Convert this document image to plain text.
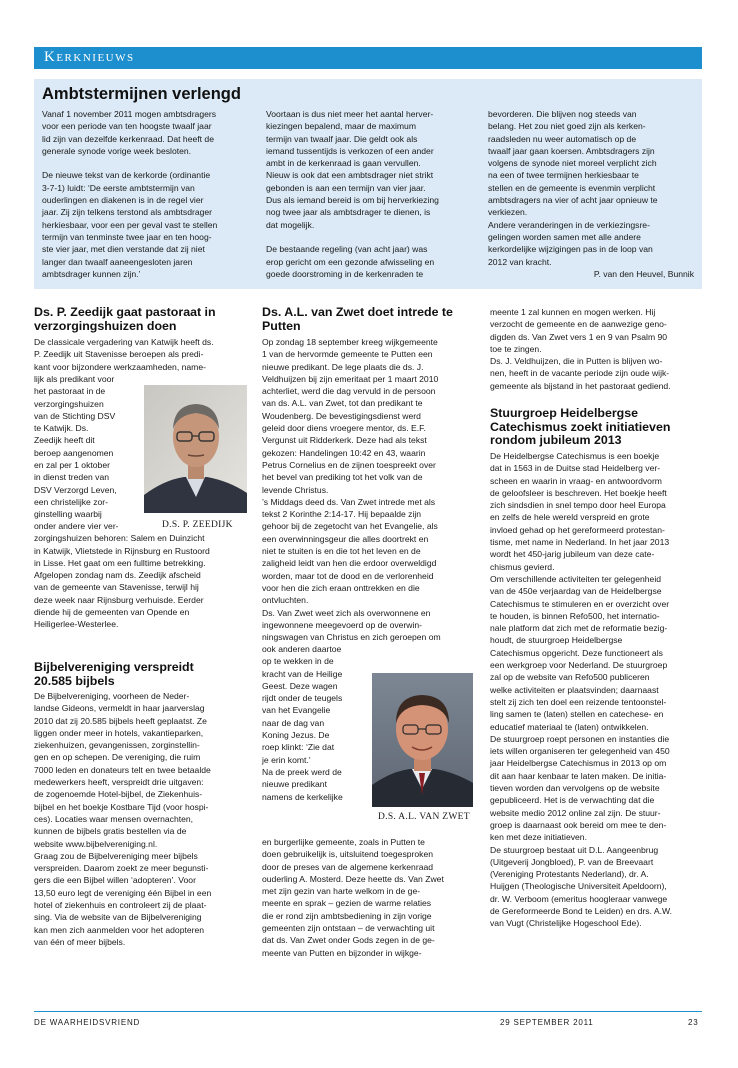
Kerknieuws
Ambtstermijnen verlengd

Vanaf 1 november 2011 mogen ambtsdragers

voor een periode van ten hoogste twaalf jaar

lid zijn van dezelfde kerkenraad. Dat heeft de

generale synode vorige week besloten.

De nieuwe tekst van de kerkorde (ordinantie

3-7-1) luidt: ‘De eerste ambtstermijn van

ouderlingen en diakenen is in de regel vier

jaar. Zij zijn telkens terstond als ambtsdrager

herkiesbaar, voor een per geval vast te stellen

termijn van tenminste twee jaar en ten hoog-

ste vier jaar, met dien verstande dat zij niet

langer dan twaalf aaneengesloten jaren

ambtsdrager kunnen zijn.’

Voortaan is dus niet meer het aantal herver-

kiezingen bepalend, maar de maximum

termijn van twaalf jaar. Die geldt ook als

iemand tussentijds is verkozen of een ander

ambt in de kerkenraad is gaan vervullen.

Nieuw is ook dat een ambtsdrager niet strikt

gebonden is aan een termijn van vier jaar.

Dus als iemand bereid is om bij herverkiezing

nog twee jaar als ambtsdrager te dienen, is

dat mogelijk.

De bestaande regeling (van acht jaar) was

erop gericht om een gezonde afwisseling en

goede doorstroming in de kerkenraden te

bevorderen. Die blijven nog steeds van

belang. Het zou niet goed zijn als kerken-

raadsleden nu weer automatisch op de

twaalf jaar gaan koersen. Ambtsdragers zijn

volgens de synode niet moreel verplicht zich

na een of twee termijnen herkiesbaar te

stellen en de gemeente is evenmin verplicht

ambtsdragers na vier of acht jaar opnieuw te

verkiezen.

Andere veranderingen in de verkiezingsre-

gelingen worden samen met alle andere

kerkordelijke wijzigingen pas in de loop van

2012 van kracht.

P. van den Heuvel, Bunnik
Ds. P. Zeedijk gaat pastoraat in
verzorgingshuizen doen

De classicale vergadering van Katwijk heeft ds.

P. Zeedijk uit Stavenisse beroepen als predi-

kant voor bijzondere werkzaamheden, name-

lijk als predikant voor

het pastoraat in de

verzorgingshuizen

van de Stichting DSV

te Katwijk. Ds.

Zeedijk heeft dit

beroep aangenomen

en zal per 1 oktober

in dienst treden van

DSV Verzorgd Leven,

een christelijke zor-

ginstelling waarbij

D.S. P. ZEEDIJK

onder andere vier ver-

zorgingshuizen behoren: Salem en Duinzicht

in Katwijk, Vlietstede in Rijnsburg en Rustoord

in Lisse. Het gaat om een fulltime betrekking.

Afgelopen zondag nam ds. Zeedijk afscheid

van de gemeente van Stavenisse, terwijl hij

deze week naar Rijnsburg verhuisde. Eerder

diende hij de gemeenten van Opende en

Heiligerlee-Westerlee.

Bijbelvereniging verspreidt
20.585 bijbels

De Bijbelvereniging, voorheen de Neder-

landse Gideons, vermeldt in haar jaarverslag

2010 dat zij 20.585 bijbels heeft geplaatst. Ze

liggen onder meer in hotels, vakantieparken,

ziekenhuizen, gevangenissen, zorginstellin-

gen en op schepen. De vereniging, die ruim

7000 leden en donateurs telt en twee betaalde

medewerkers heeft, verspreidt drie uitgaven:

de zogenoemde Hotel-bijbel, de Ziekenhuis-

bijbel en het boekje Kostbare Tijd (voor hospi-

ces). Locaties waar mensen overnachten,

kunnen de bijbels gratis bestellen via de

website www.bijbelvereniging.nl.

Graag zou de Bijbelvereniging meer bijbels

verspreiden. Daarom zoekt ze meer begunsti-

gers die een Bijbel willen ‘adopteren’. Voor

13,50 euro legt de vereniging één Bijbel in een

hotel of ziekenhuis en controleert zij de plaat-

sing. Via de website van de Bijbelvereniging

kan men zich aanmelden voor het adopteren

van één of meer bijbels.

Ds. A.L. van Zwet doet intrede te
Putten

Op zondag 18 september kreeg wijkgemeente

1 van de hervormde gemeente te Putten een

nieuwe predikant. De lege plaats die ds. J.

Veldhuijzen bij zijn emeritaat per 1 maart 2010

achterliet, werd die dag vervuld in de persoon

van ds. A.L. van Zwet, tot dan predikant te

Woudenberg. De bevestigingsdienst werd

geleid door diens vroegere mentor, ds. E.F.

Vergunst uit Ridderkerk. Deze had als tekst

gekozen: Handelingen 10:42 en 43, waarin

Petrus Cornelius en de zijnen toespreekt over

het bevel van prediking tot het volk van de

levende Christus.

’s Middags deed ds. Van Zwet intrede met als

tekst 2 Korinthe 2:14-17. Hij bepaalde zijn

gehoor bij de zegetocht van het Evangelie, als

een overwinningsgeur die alles doortrekt en

niet te stuiten is en die tot het leven en de

zaligheid leidt van hen die erdoor overweldigd

worden, maar tot de dood en de verlorenheid

voor hen die zich eraan onttrekken en die

ontvluchten.

Ds. Van Zwet weet zich als overwonnene en

ingewonnene meegevoerd op de overwin-

ningswagen van Christus en zich geroepen om

ook anderen daartoe

op te wekken in de

kracht van de Heilige

Geest. Deze wagen

rijdt onder de teugels

van het Evangelie

naar de dag van

Koning Jezus. De

roep klinkt: ‘Zie dat

je erin komt.’

Na de preek werd de

nieuwe predikant

namens de kerkelijke

D.S. A.L. VAN ZWET

en burgerlijke gemeente, zoals in Putten te

doen gebruikelijk is, uitsluitend toegesproken

door de preses van de algemene kerkenraad

ouderling A. Mosterd. Deze heette ds. Van Zwet

met zijn gezin van harte welkom in de ge-

meente en sprak – gezien de warme relaties

die er rond zijn ambtsbediening in zijn vorige

gemeenten zijn ontstaan – de verwachting uit

dat ds. Van Zwet onder Gods zegen in de ge-

meente van Putten en bijzonder in wijkge-

meente 1 zal kunnen en mogen werken. Hij

verzocht de gemeente en de aanwezige geno-

digden ds. Van Zwet vers 1 en 9 van Psalm 90

toe te zingen.

Ds. J. Veldhuijzen, die in Putten is blijven wo-

nen, heeft in de vacante periode zijn oude wijk-

gemeente als bijstand in het pastoraat gediend.

Stuurgroep Heidelbergse
Catechismus zoekt initiatieven
rondom jubileum 2013

De Heidelbergse Catechismus is een boekje

dat in 1563 in de Duitse stad Heidelberg ver-

scheen en waarin in vraag- en antwoordvorm

de geloofsleer is beschreven. Het boekje heeft

zich sindsdien in snel tempo door heel Europa

en zelfs de hele wereld verspreid en grote

invloed gehad op het gereformeerd protestan-

tisme, met name in Nederland. In het jaar 2013

wordt het 450-jarig jubileum van deze cate-

chismus gevierd.

Om verschillende activiteiten ter gelegenheid

van de 450e verjaardag van de Heidelbergse

Catechismus te stimuleren en er overzicht over

te houden, is binnen Refo500, het internatio-

nale platform dat zich met de reformatie bezig-

houdt, de stuurgroep Heidelbergse

Catechismus opgericht. Deze functioneert als

een werkgroep voor Nederland. De stuurgroep

zal op de website van Refo500 publiceren

welke activiteiten er plaatsvinden; daarnaast

stelt zij zich ten doel een reizende tentoonstel-

ling samen te (laten) stellen en catechese- en

educatief materiaal te (laten) ontwikkelen.

De stuurgroep roept personen en instanties die

iets willen organiseren ter gelegenheid van 450

jaar Heidelbergse Catechismus in 2013 op om

dit aan haar kenbaar te laten maken. De initia-

tieven worden dan vervolgens op de website

gepubliceerd. Het is de verwachting dat die

website medio 2012 online zal zijn. De stuur-

groep is daarnaast ook bereid om mee te den-

ken met deze initiatieven.

De stuurgroep bestaat uit D.L. Aangeenbrug

(Uitgeverij Jongbloed), P. van de Breevaart

(Vereniging Protestants Nederland), dr. A.

Huijgen (Theologische Universiteit Apeldoorn),

dr. W. Verboom (emeritus hoogleraar vanwege

de Gereformeerde Bond te Leiden) en drs. A.W.

van Vugt (Christelijke Hogeschool Ede).

DE WAARHEIDSVRIEND	29 SEPTEMBER 2011	23
